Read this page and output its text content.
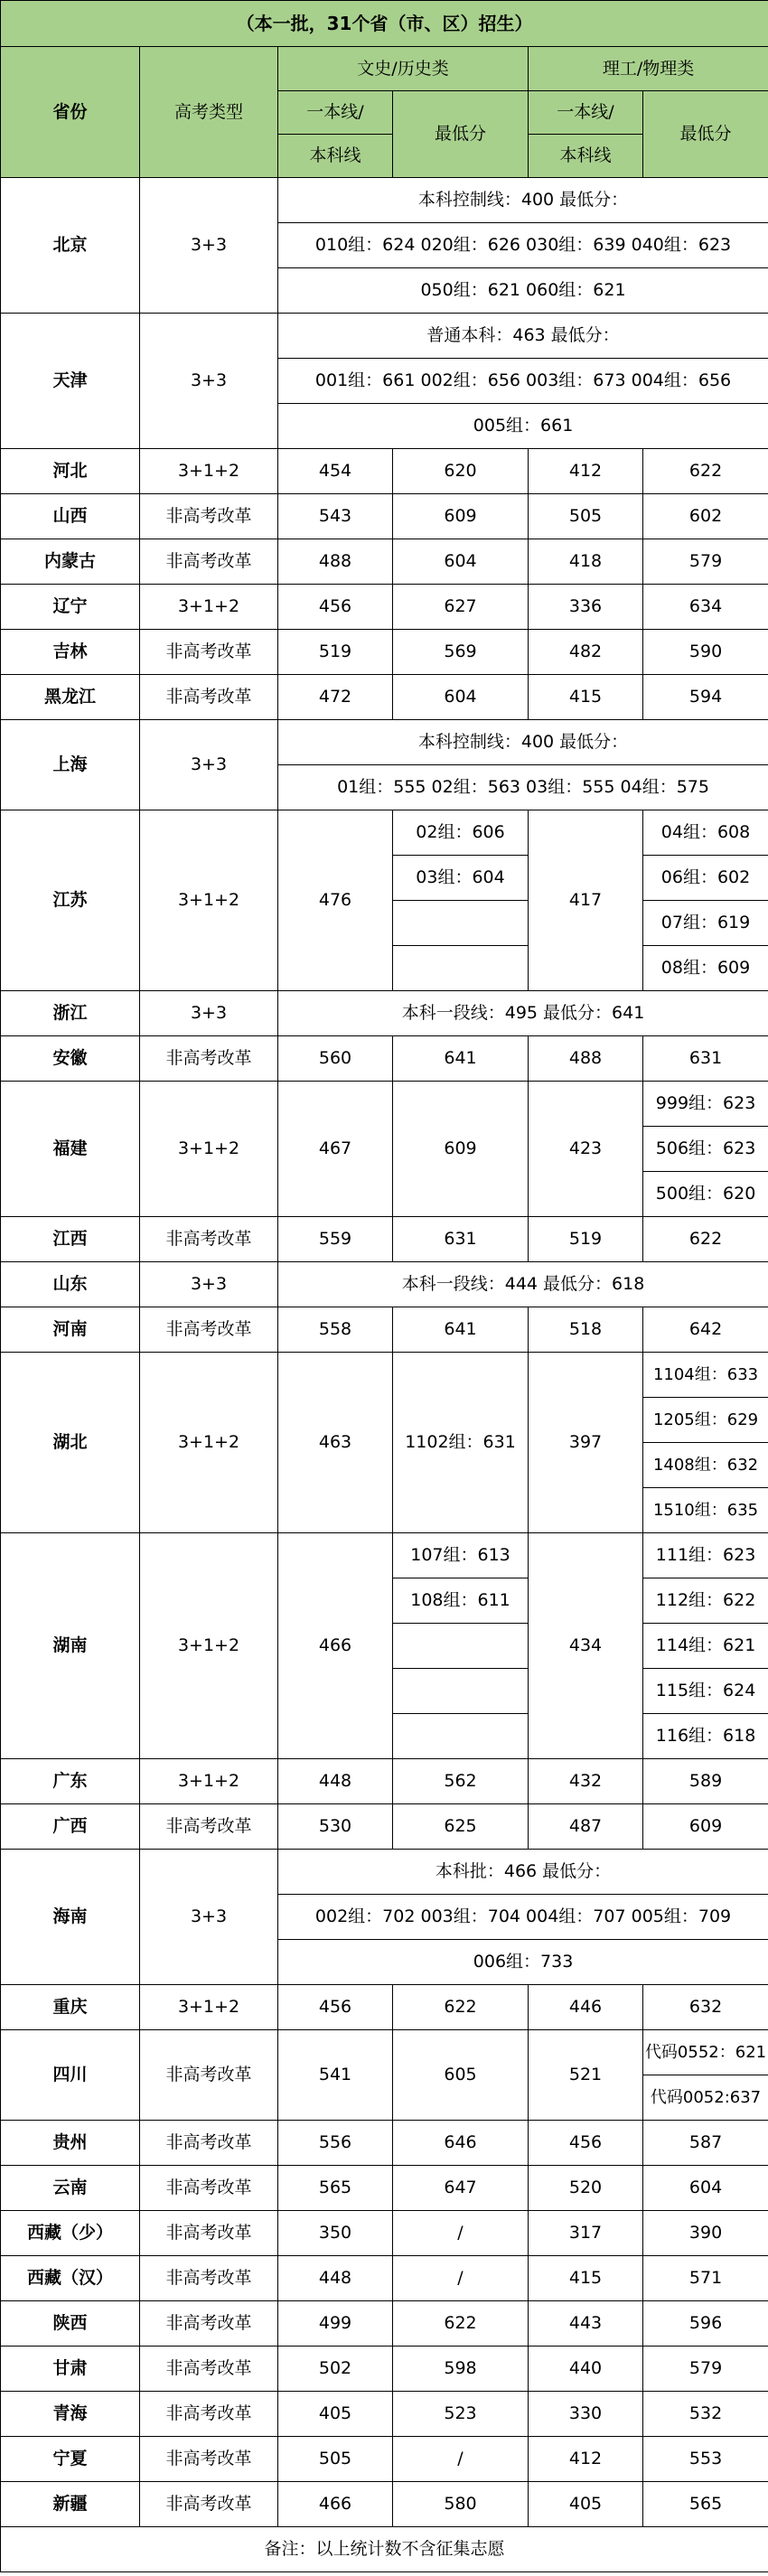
（本一批，31个省（市、区）招生）					
省份	高考类型	文史/历史类		理工/物理类	
		一本线/	最低分	一本线/	最低分
		本科线		本科线	
北京	3+3	本科控制线：400 最低分：			
		010组：624 020组：626 030组：639 040组：623			
		050组：621 060组：621			
天津	3+3	普通本科：463 最低分：			
		001组：661 002组：656 003组：673 004组：656			
		005组：661			
河北	3+1+2	454	620	412	622
山西	非高考改革	543	609	505	602
内蒙古	非高考改革	488	604	418	579
辽宁	3+1+2	456	627	336	634
吉林	非高考改革	519	569	482	590
黑龙江	非高考改革	472	604	415	594
上海	3+3	本科控制线：400 最低分：			
		01组：555 02组：563 03组：555 04组：575			
江苏	3+1+2	476	02组：606	417	04组：608
			03组：604		06组：602
					07组：619
					08组：609
浙江	3+3	本科一段线：495 最低分：641			
安徽	非高考改革	560	641	488	631
福建	3+1+2	467	609	423	999组：623
					506组：623
					500组：620
江西	非高考改革	559	631	519	622
山东	3+3	本科一段线：444 最低分：618			
河南	非高考改革	558	641	518	642
湖北	3+1+2	463	1102组：631	397	1104组：633
					1205组：629
					1408组：632
					1510组：635
湖南	3+1+2	466	107组：613	434	111组：623
			108组：611		112组：622
					114组：621
					115组：624
					116组：618
广东	3+1+2	448	562	432	589
广西	非高考改革	530	625	487	609
海南	3+3	本科批：466 最低分：			
		002组：702 003组：704 004组：707 005组：709			
		006组：733			
重庆	3+1+2	456	622	446	632
四川	非高考改革	541	605	521	代码0552：621
					代码0052:637
贵州	非高考改革	556	646	456	587
云南	非高考改革	565	647	520	604
西藏（少）	非高考改革	350	/	317	390
西藏（汉）	非高考改革	448	/	415	571
陕西	非高考改革	499	622	443	596
甘肃	非高考改革	502	598	440	579
青海	非高考改革	405	523	330	532
宁夏	非高考改革	505	/	412	553
新疆	非高考改革	466	580	405	565
备注：以上统计数不含征集志愿					
